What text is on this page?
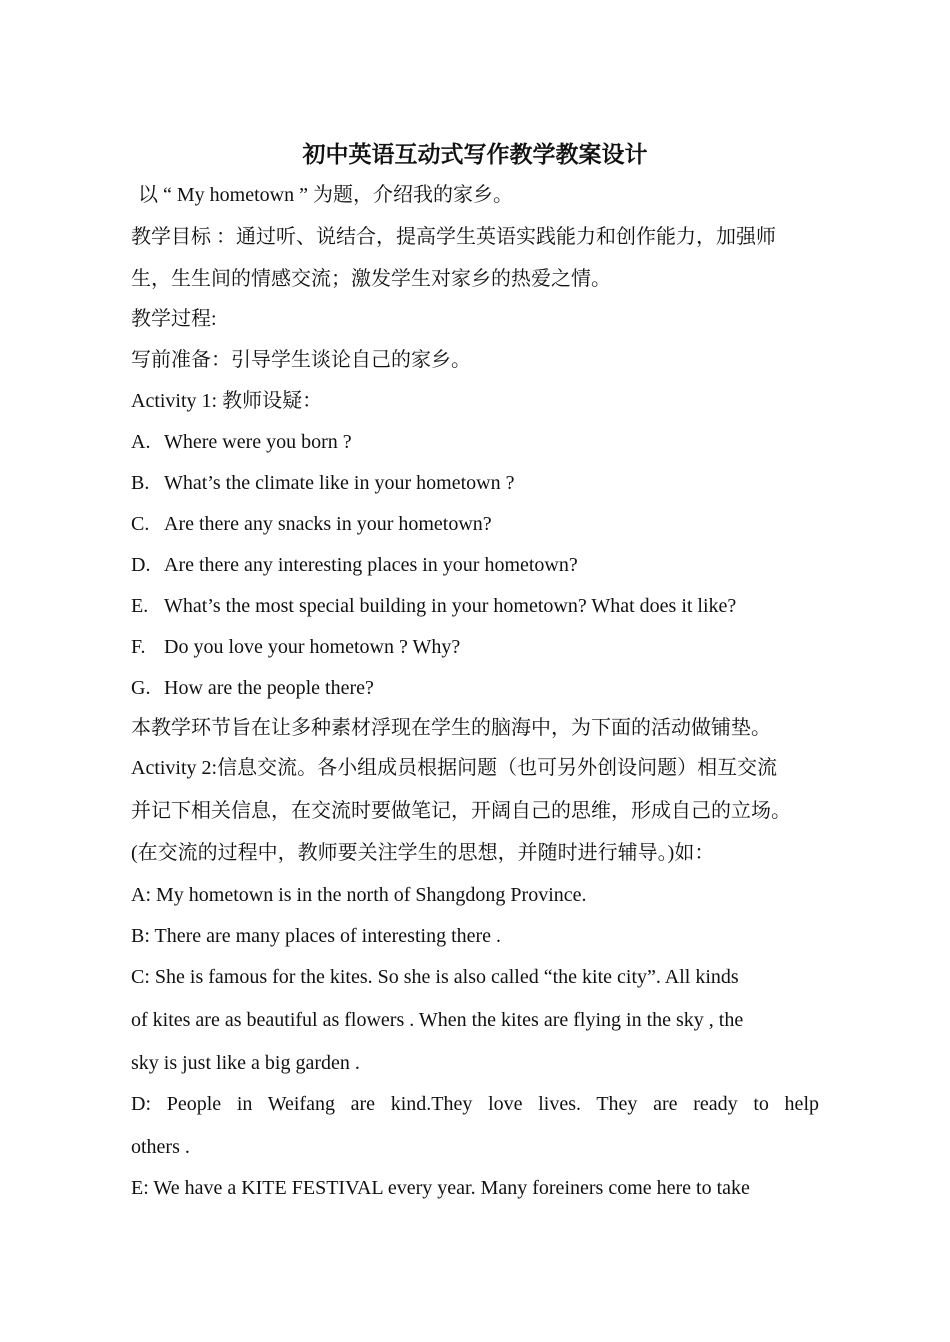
初中英语互动式写作教学教案设计
以 “ My hometown ” 为题，介绍我的家乡。
教学目标 ：通过听、说结合，提高学生英语实践能力和创作能力，加强师
生，生生间的情感交流；激发学生对家乡的热爱之情。
教学过程:
写前准备：引导学生谈论自己的家乡。
Activity 1: 教师设疑：
A. Where were you born ?
B. What’s the climate like in your hometown ?
C. Are there any snacks in your hometown?
D. Are there any interesting places in your hometown?
E. What’s the most special building in your hometown? What does it like?
F. Do you love your hometown ? Why?
G. How are the people there?
本教学环节旨在让多种素材浮现在学生的脑海中，为下面的活动做铺垫。
Activity 2:信息交流。各小组成员根据问题（也可另外创设问题）相互交流
并记下相关信息，在交流时要做笔记，开阔自己的思维，形成自己的立场。
(在交流的过程中，教师要关注学生的思想，并随时进行辅导。)如：
A: My hometown is in the north of Shangdong Province.
B: There are many places of interesting there .
C: She is famous for the kites. So she is also called “the kite city”. All kinds
of kites are as beautiful as flowers . When the kites are flying in the sky , the
sky is just like a big garden .
D: People in Weifang are kind.They love lives. They are ready to help
others .
E: We have a KITE FESTIVAL every year. Many foreiners come here to take
